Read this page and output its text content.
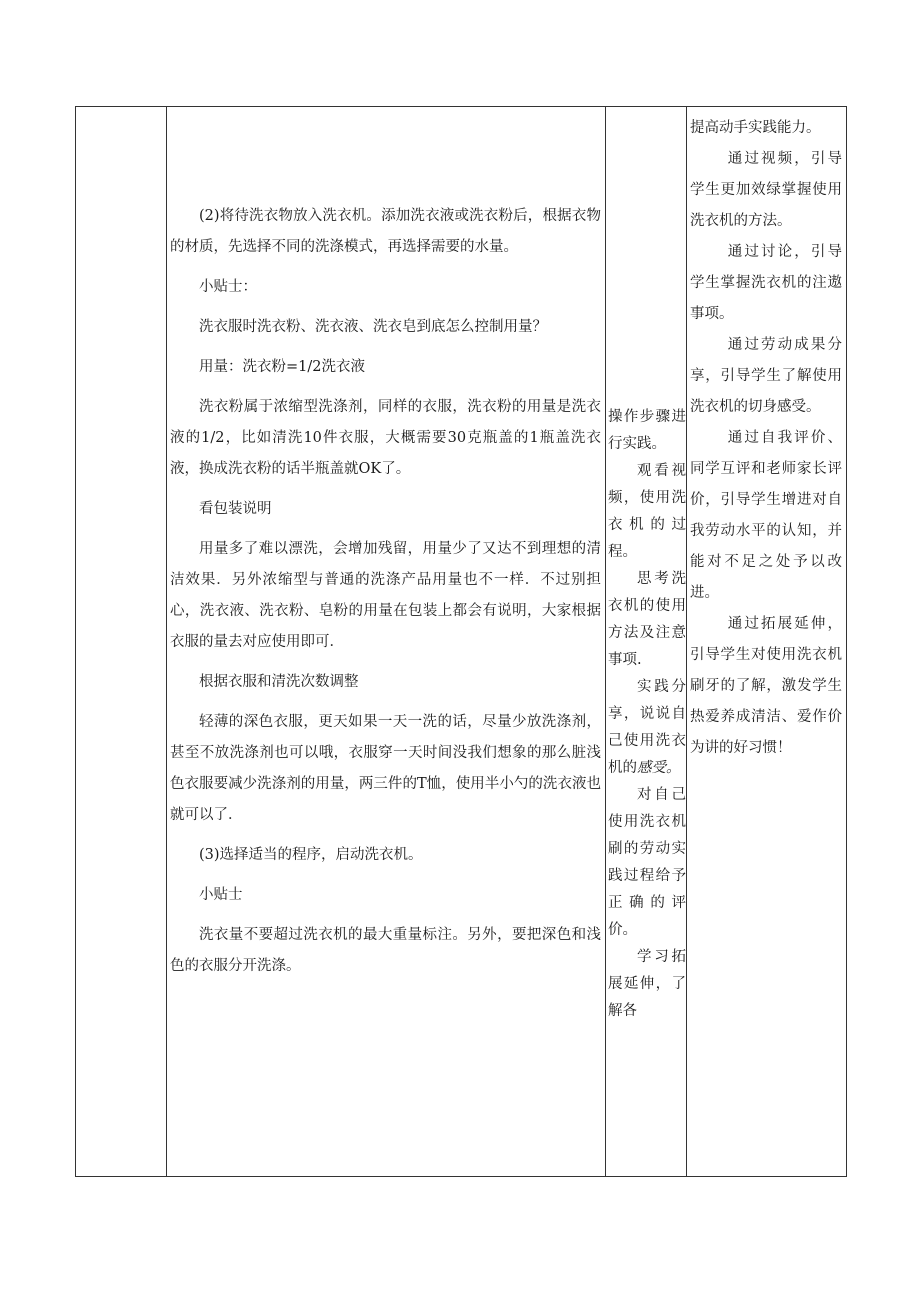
(2)将待洗衣物放入洗衣机。添加洗衣液或洗衣粉后，根据衣物的材质，先选择不同的洗涤模式，再选择需要的水量。

小贴士：

洗衣服时洗衣粉、洗衣液、洗衣皂到底怎么控制用量？

用量：洗衣粉=1/2洗衣液

洗衣粉属于浓缩型洗涤剂，同样的衣服，洗衣粉的用量是洗衣液的1/2，比如清洗10件衣服，大概需要30克瓶盖的1瓶盖洗衣液，换成洗衣粉的话半瓶盖就OK了。

看包装说明

用量多了难以漂洗，会增加残留，用量少了又达不到理想的清洁效果．另外浓缩型与普通的洗涤产品用量也不一样．不过别担心，洗衣液、洗衣粉、皂粉的用量在包装上都会有说明，大家根据衣服的量去对应使用即可．

根据衣服和清洗次数调整

轻薄的深色衣服，更天如果一天一洗的话，尽量少放洗涤剂，甚至不放洗涤剂也可以哦，衣服穿一天时间没我们想象的那么脏浅色衣服要减少洗涤剂的用量，两三件的T恤，使用半小勺的洗衣液也就可以了．

(3)选择适当的程序，启动洗衣机。

小贴士

洗衣量不要超过洗衣机的最大重量标注。另外，要把深色和浅色的衣服分开洗涤。

操作步骤进行实践。

观看视频，使用洗衣机的过程。

思考洗衣机的使用方法及注意事项.

实践分享，说说自己使用洗衣机的感受。

对自己使用洗衣机刷的劳动实践过程给予正确的评价。

学习拓展延伸，了解各

提高动手实践能力。

通过视频，引导学生更加效绿掌握使用洗衣机的方法。

通过讨论，引导学生掌握洗衣机的注遨事项。

通过劳动成果分享，引导学生了解使用洗衣机的切身感受。

通过自我评价、同学互评和老师家长评价，引导学生增进对自我劳动水平的认知，并能对不足之处予以改进。

通过拓展延伸，引导学生对使用洗衣机刷牙的了解，激发学生热爱养成清洁、爱作价为讲的好习惯！
